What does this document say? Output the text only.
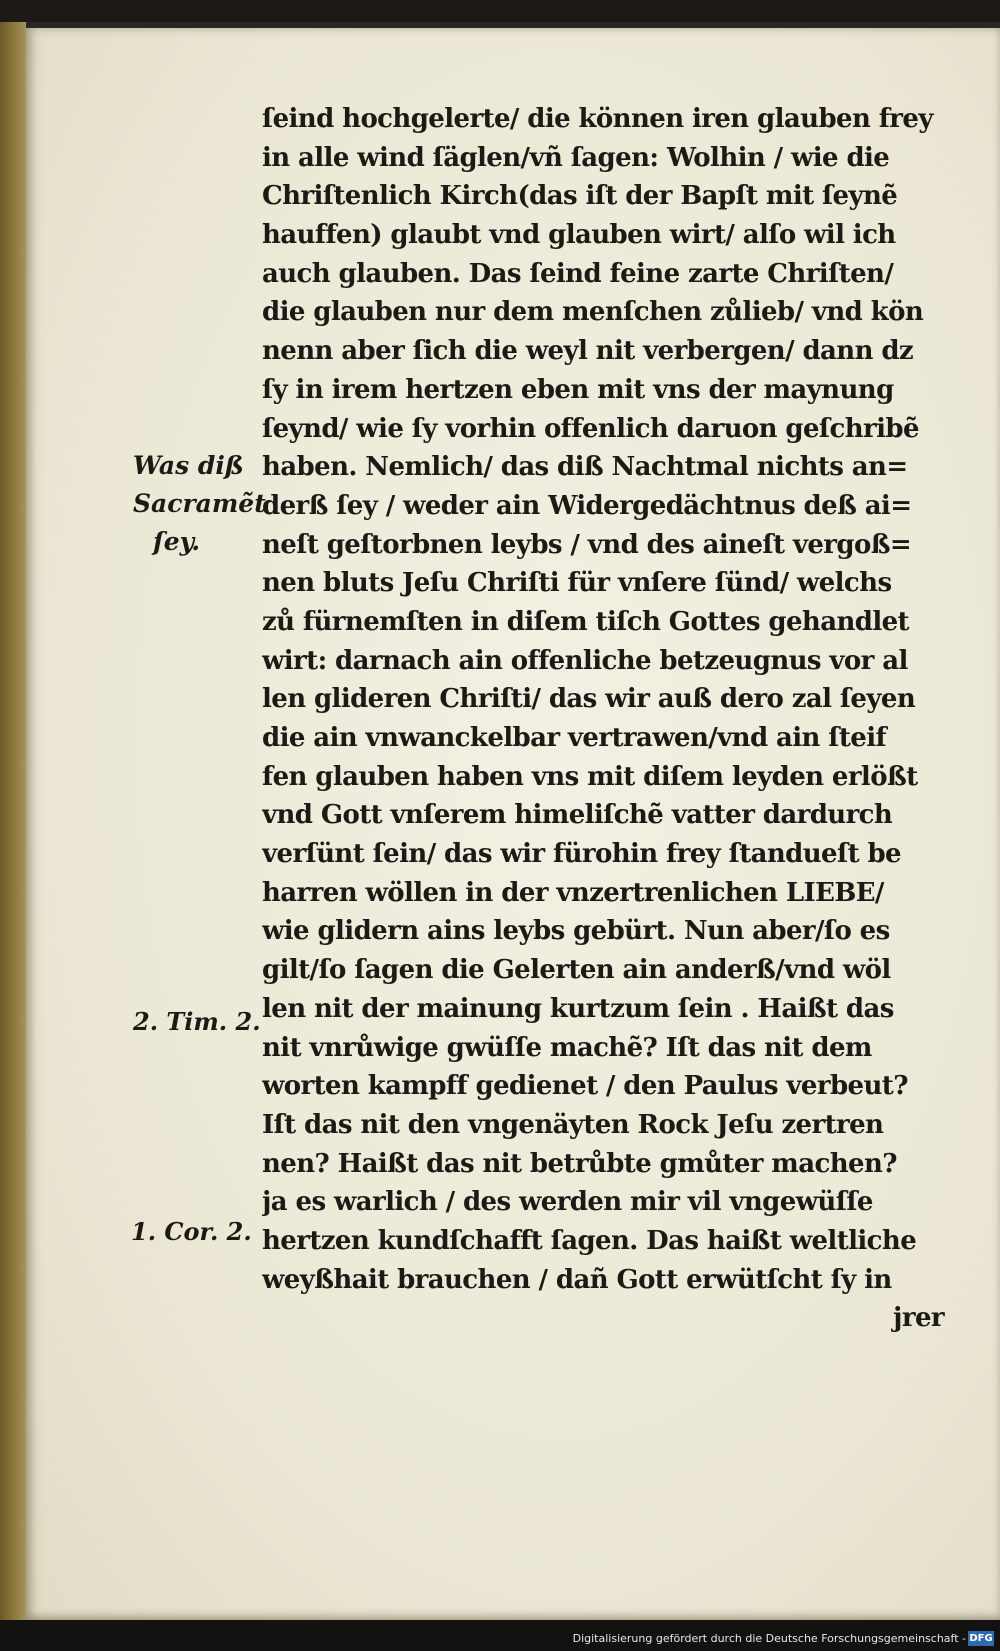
Was diß
Sacramẽt
ſey.
2. Tim. 2.
1. Cor. 2.
ſeind hochgelerte/ die können iren glauben frey
in alle wind ſäglen/vñ ſagen: Wolhin / wie die
Chriſtenlich Kirch(das iſt der Bapſt mit ſeynẽ
hauffen) glaubt vnd glauben wirt/ alſo wil ich
auch glauben. Das ſeind feine zarte Chriſten/
die glauben nur dem menſchen zůlieb/ vnd kön
nenn aber ſich die weyl nit verbergen/ dann dz
ſy in irem hertzen eben mit vns der maynung
ſeynd/ wie ſy vorhin offenlich daruon geſchribẽ
haben. Nemlich/ das diß Nachtmal nichts an=
derß ſey / weder ain Widergedächtnus deß ai=
neſt geſtorbnen leybs / vnd des aineſt vergoß=
nen bluts Jeſu Chriſti für vnſere ſünd/ welchs
zů fürnemſten in diſem tiſch Gottes gehandlet
wirt: darnach ain offenliche betzeugnus vor al
len glideren Chriſti/ das wir auß dero zal ſeyen
die ain vnwanckelbar vertrawen/vnd ain ſteif
fen glauben haben vns mit diſem leyden erlößt
vnd Gott vnſerem himeliſchẽ vatter dardurch
verſünt ſein/ das wir fürohin frey ſtandueſt be
harren wöllen in der vnzertrenlichen LIEBE/
wie glidern ains leybs gebürt. Nun aber/ſo es
gilt/ſo ſagen die Gelerten ain anderß/vnd wöl
len nit der mainung kurtzum ſein . Haißt das
nit vnrůwige gwüſſe machẽ? Iſt das nit dem
worten kampff gedienet / den Paulus verbeut?
Iſt das nit den vngenäyten Rock Jeſu zertren
nen? Haißt das nit betrůbte gmůter machen?
ja es warlich / des werden mir vil vngewüſſe
hertzen kundſchafft ſagen. Das haißt weltliche
weyßhait brauchen / dañ Gott erwütſcht ſy in
jrer
Digitalisierung gefördert durch die Deutsche Forschungsgemeinschaft - DFG
